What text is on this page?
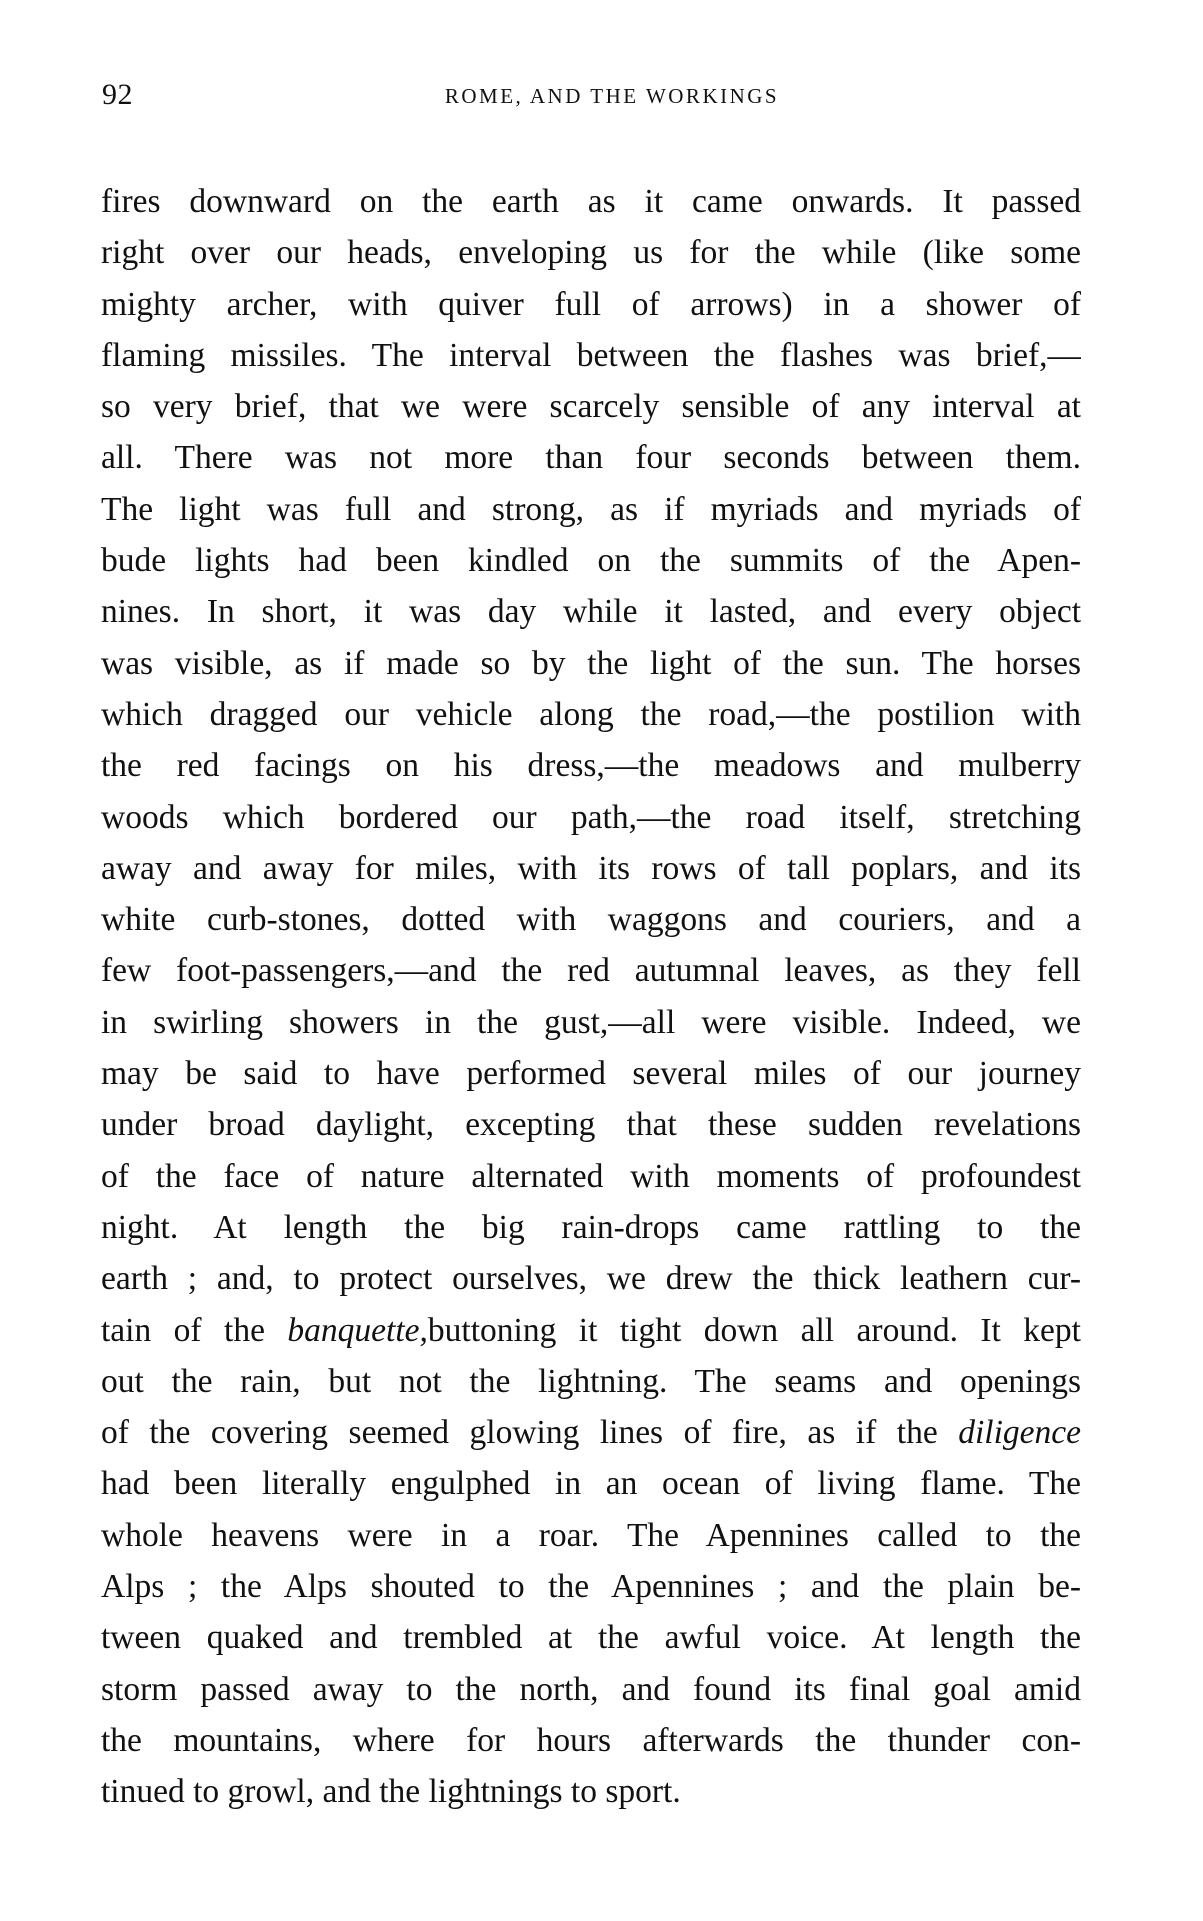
92	ROME, AND THE WORKINGS
fires downward on the earth as it came onwards. It passed
right over our heads, enveloping us for the while (like some
mighty archer, with quiver full of arrows) in a shower of
flaming missiles. The interval between the flashes was brief,—
so very brief, that we were scarcely sensible of any interval at
all. There was not more than four seconds between them.
The light was full and strong, as if myriads and myriads of
bude lights had been kindled on the summits of the Apen-
nines. In short, it was day while it lasted, and every object
was visible, as if made so by the light of the sun. The horses
which dragged our vehicle along the road,—the postilion with
the red facings on his dress,—the meadows and mulberry
woods which bordered our path,—the road itself, stretching
away and away for miles, with its rows of tall poplars, and its
white curb-stones, dotted with waggons and couriers, and a
few foot-passengers,—and the red autumnal leaves, as they fell
in swirling showers in the gust,—all were visible. Indeed, we
may be said to have performed several miles of our journey
under broad daylight, excepting that these sudden revelations
of the face of nature alternated with moments of profoundest
night. At length the big rain-drops came rattling to the
earth ; and, to protect ourselves, we drew the thick leathern cur-
tain of the banquette,buttoning it tight down all around. It kept
out the rain, but not the lightning. The seams and openings
of the covering seemed glowing lines of fire, as if the diligence
had been literally engulphed in an ocean of living flame. The
whole heavens were in a roar. The Apennines called to the
Alps ; the Alps shouted to the Apennines ; and the plain be-
tween quaked and trembled at the awful voice. At length the
storm passed away to the north, and found its final goal amid
the mountains, where for hours afterwards the thunder con-
tinued to growl, and the lightnings to sport.
